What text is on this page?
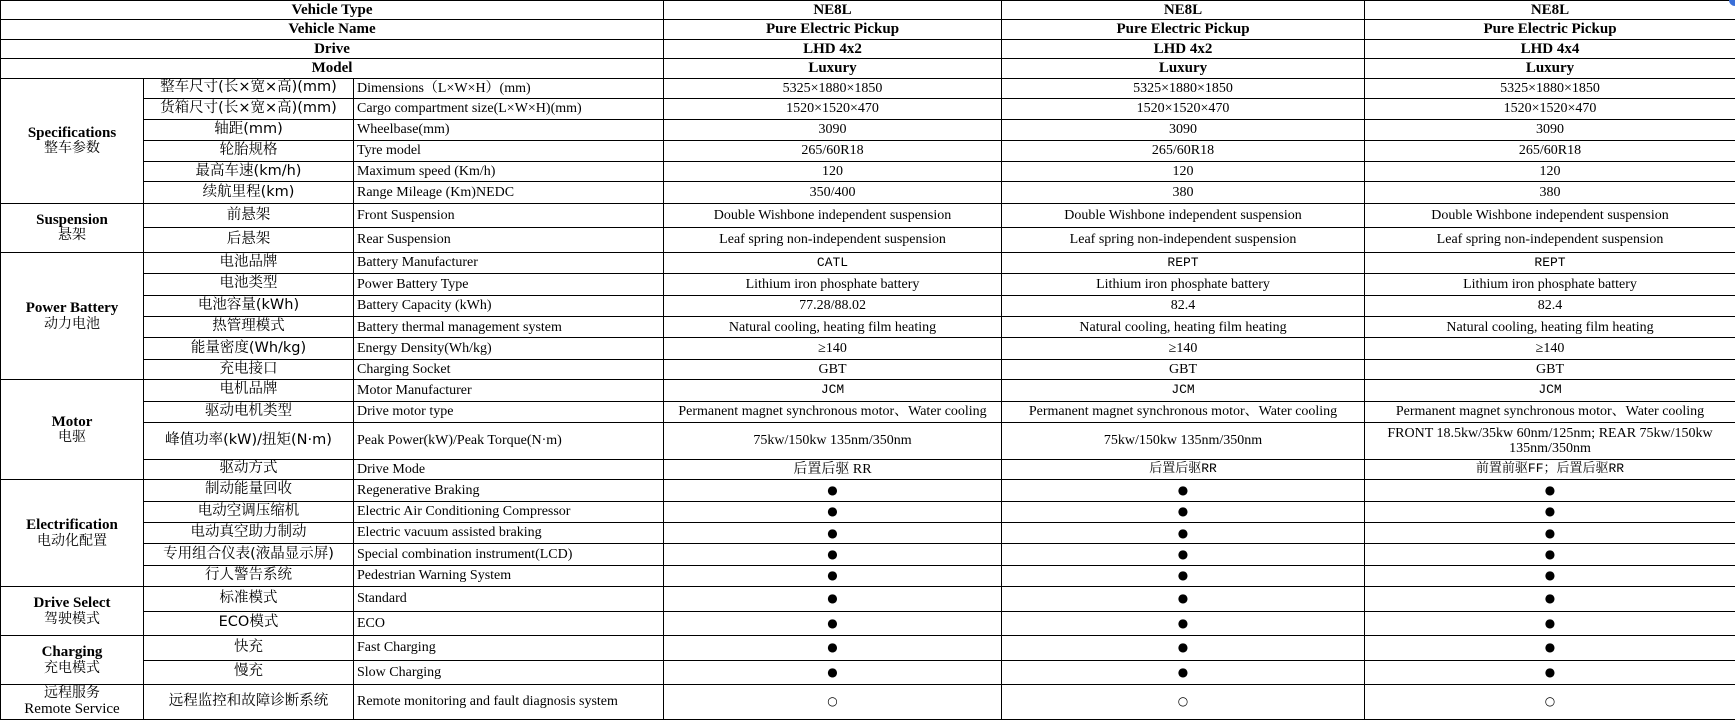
Vehicle Type			NE8L	NE8L	NE8L
Vehicle Name			Pure Electric Pickup	Pure Electric Pickup	Pure Electric Pickup
Drive			LHD 4x2	LHD 4x2	LHD 4x4
Model			Luxury	Luxury	Luxury

Specifications
整车参数	整车尺寸(长×宽×高)(mm)	Dimensions（L×W×H）(mm)	5325×1880×1850	5325×1880×1850	5325×1880×1850
	货箱尺寸(长×宽×高)(mm)	Cargo compartment size(L×W×H)(mm)	1520×1520×470	1520×1520×470	1520×1520×470
	轴距(mm)	Wheelbase(mm)	3090	3090	3090
	轮胎规格	Tyre model	265/60R18	265/60R18	265/60R18
	最高车速(km/h)	Maximum speed (Km/h)	120	120	120
	续航里程(km)	Range Mileage (Km)NEDC	350/400	380	380

Suspension
悬架	前悬架	Front Suspension	Double Wishbone independent suspension	Double Wishbone independent suspension	Double Wishbone independent suspension
	后悬架	Rear Suspension	Leaf spring non-independent suspension	Leaf spring non-independent suspension	Leaf spring non-independent suspension

Power Battery
动力电池	电池品牌	Battery Manufacturer	CATL	REPT	REPT
	电池类型	Power Battery Type	Lithium iron phosphate battery	Lithium iron phosphate battery	Lithium iron phosphate battery
	电池容量(kWh)	Battery Capacity (kWh)	77.28/88.02	82.4	82.4
	热管理模式	Battery thermal management system	Natural cooling, heating film heating	Natural cooling, heating film heating	Natural cooling, heating film heating
	能量密度(Wh/kg)	Energy Density(Wh/kg)	≥140	≥140	≥140
	充电接口	Charging Socket	GBT	GBT	GBT

Motor
电驱	电机品牌	Motor Manufacturer	JCM	JCM	JCM
	驱动电机类型	Drive motor type	Permanent magnet synchronous motor、Water cooling	Permanent magnet synchronous motor、Water cooling	Permanent magnet synchronous motor、Water cooling
	峰值功率(kW)/扭矩(N·m)	Peak Power(kW)/Peak Torque(N·m)	75kw/150kw 135nm/350nm	75kw/150kw 135nm/350nm	FRONT 18.5kw/35kw 60nm/125nm; REAR 75kw/150kw 135nm/350nm
	驱动方式	Drive Mode	后置后驱 RR	后置后驱RR	前置前驱FF；后置后驱RR

Electrification
电动化配置	制动能量回收	Regenerative Braking	●	●	●
	电动空调压缩机	Electric Air Conditioning Compressor	●	●	●
	电动真空助力制动	Electric vacuum assisted braking	●	●	●
	专用组合仪表(液晶显示屏)	Special combination instrument(LCD)	●	●	●
	行人警告系统	Pedestrian Warning System	●	●	●

Drive Select
驾驶模式	标准模式	Standard	●	●	●
	ECO模式	ECO	●	●	●

Charging
充电模式	快充	Fast Charging	●	●	●
	慢充	Slow Charging	●	●	●

远程服务
Remote Service	远程监控和故障诊断系统	Remote monitoring and fault diagnosis system	○	○	○
